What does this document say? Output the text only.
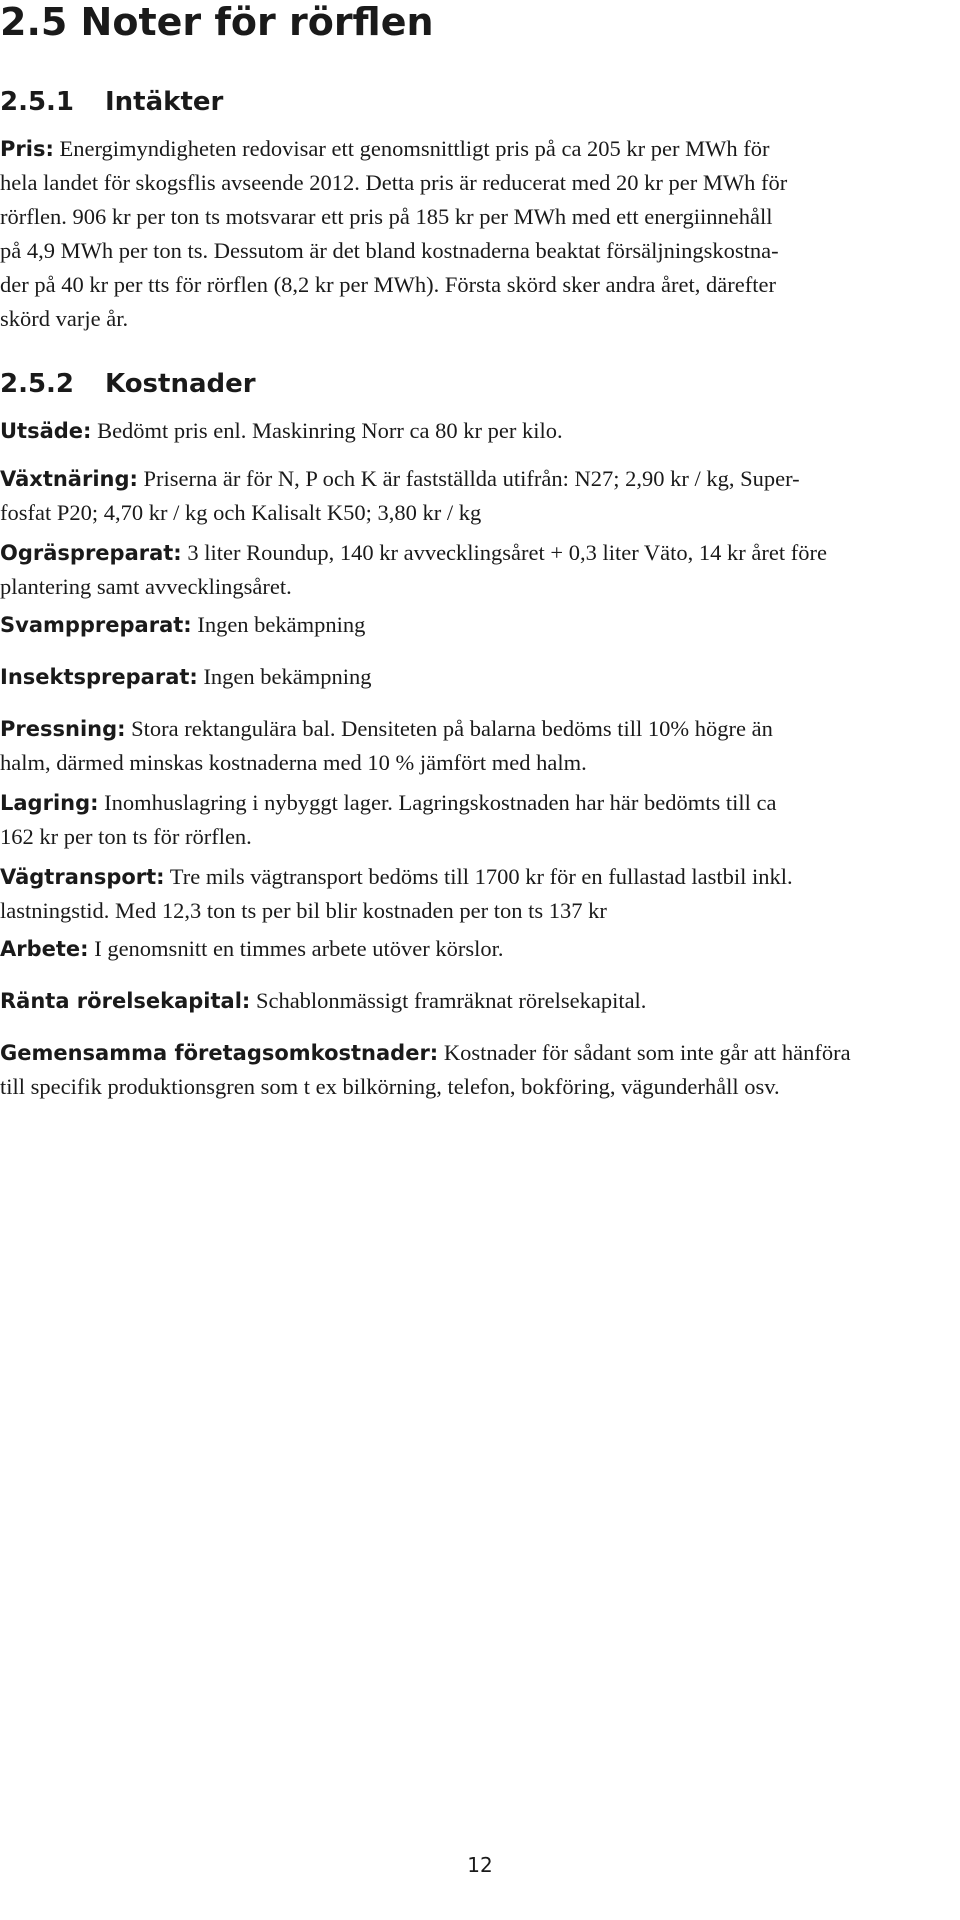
2.5 Noter för rörflen
2.5.1 Intäkter
Pris: Energimyndigheten redovisar ett genomsnittligt pris på ca 205 kr per MWh för
hela landet för skogsflis avseende 2012. Detta pris är reducerat med 20 kr per MWh för
rörflen. 906 kr per ton ts motsvarar ett pris på 185 kr per MWh med ett energiinnehåll
på 4,9 MWh per ton ts. Dessutom är det bland kostnaderna beaktat försäljningskostna-
der på 40 kr per tts för rörflen (8,2 kr per MWh). Första skörd sker andra året, därefter
skörd varje år.
2.5.2 Kostnader
Utsäde: Bedömt pris enl. Maskinring Norr ca 80 kr per kilo.
Växtnäring: Priserna är för N, P och K är fastställda utifrån: N27; 2,90 kr / kg, Super-
fosfat P20; 4,70 kr / kg och Kalisalt K50; 3,80 kr / kg
Ogräspreparat: 3 liter Roundup, 140 kr avvecklingsåret + 0,3 liter Väto, 14 kr året före
plantering samt avvecklingsåret.
Svamppreparat: Ingen bekämpning
Insektspreparat: Ingen bekämpning
Pressning: Stora rektangulära bal. Densiteten på balarna bedöms till 10% högre än
halm, därmed minskas kostnaderna med 10 % jämfört med halm.
Lagring: Inomhuslagring i nybyggt lager. Lagringskostnaden har här bedömts till ca
162 kr per ton ts för rörflen.
Vägtransport: Tre mils vägtransport bedöms till 1700 kr för en fullastad lastbil inkl.
lastningstid. Med 12,3 ton ts per bil blir kostnaden per ton ts 137 kr
Arbete: I genomsnitt en timmes arbete utöver körslor.
Ränta rörelsekapital: Schablonmässigt framräknat rörelsekapital.
Gemensamma företagsomkostnader: Kostnader för sådant som inte går att hänföra
till specifik produktionsgren som t ex bilkörning, telefon, bokföring, vägunderhåll osv.
12
